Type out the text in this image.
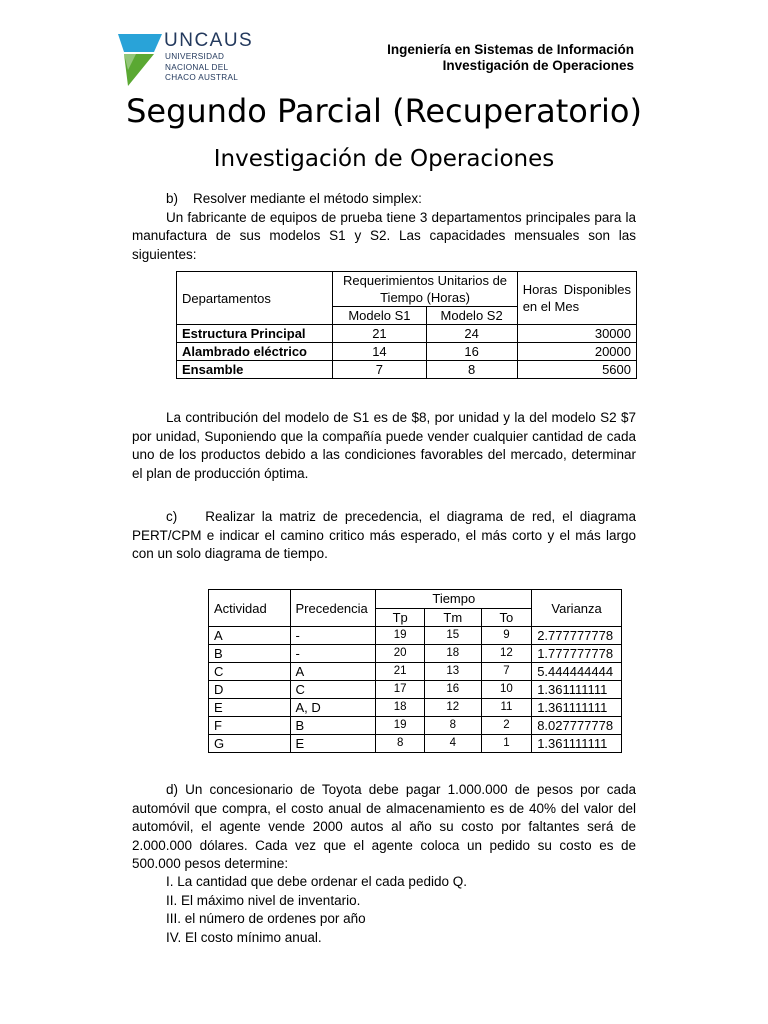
UNCAUS
UNIVERSIDAD
NACIONAL DEL
CHACO AUSTRAL
Ingeniería en Sistemas de Información
Investigación de Operaciones
Segundo Parcial (Recuperatorio)
Investigación de Operaciones

b)    Resolver mediante el método simplex:

Un fabricante de equipos de prueba tiene 3 departamentos principales para la manufactura de sus modelos S1 y S2. Las capacidades mensuales son las siguientes:

Departamentos	Requerimientos Unitarios de Tiempo (Horas)		Horas Disponibles en el Mes
	Modelo S1	Modelo S2	
Estructura Principal	21	24	30000
Alambrado eléctrico	14	16	20000
Ensamble	7	8	5600

La contribución del modelo de S1 es de $8, por unidad y la del modelo S2 $7 por unidad, Suponiendo que la compañía puede vender cualquier cantidad de cada uno de los productos debido a las condiciones favorables del mercado, determinar el plan de producción óptima.

c)    Realizar la matriz de precedencia, el diagrama de red, el diagrama PERT/CPM e indicar el camino critico más esperado, el más corto y el más largo con un solo diagrama de tiempo.

Actividad	Precedencia	Tiempo			Varianza
		Tp	Tm	To	
A	-	19	15	9	2.777777778
B	-	20	18	12	1.777777778
C	A	21	13	7	5.444444444
D	C	17	16	10	1.361111111
E	A, D	18	12	11	1.361111111
F	B	19	8	2	8.027777778
G	E	8	4	1	1.361111111

d) Un concesionario de Toyota debe pagar 1.000.000 de pesos por cada automóvil que compra, el costo anual de almacenamiento es de 40% del valor del automóvil, el agente vende 2000 autos al año su costo por faltantes será de 2.000.000 dólares. Cada vez que el agente coloca un pedido su costo es de 500.000 pesos determine:

I. La cantidad que debe ordenar el cada pedido Q.
II. El máximo nivel de inventario.
III. el número de ordenes por año
IV. El costo mínimo anual.
